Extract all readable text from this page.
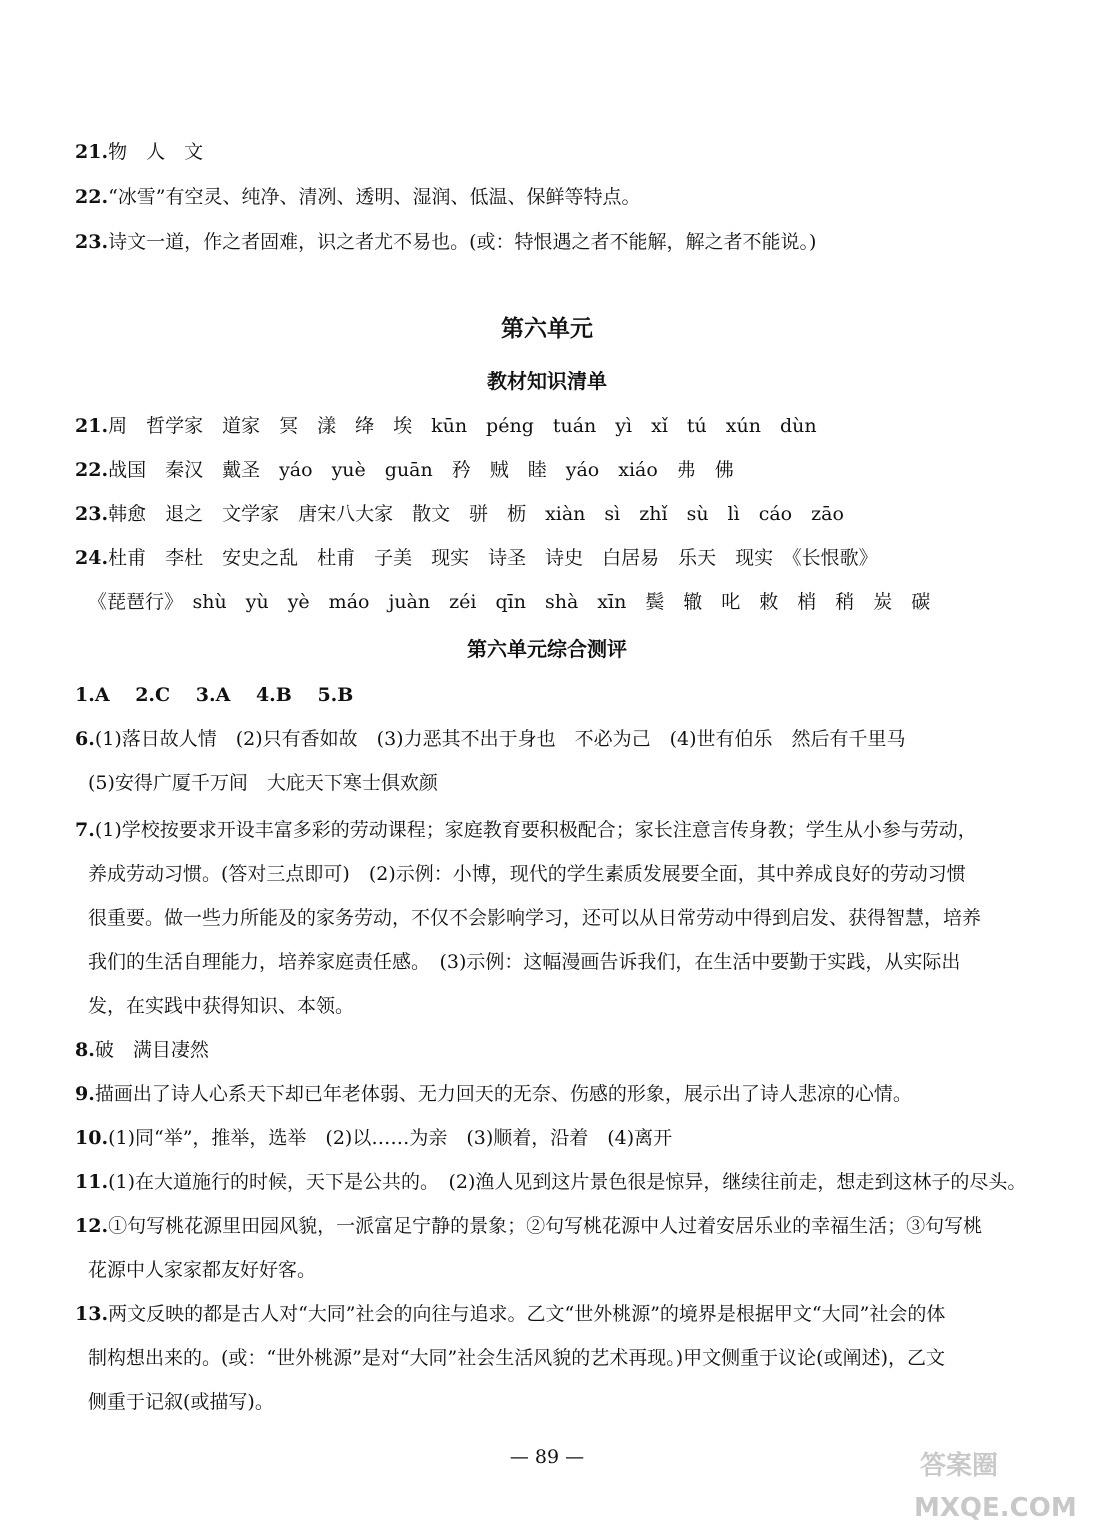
21.物　人　文
22.“冰雪”有空灵、纯净、清冽、透明、湿润、低温、保鲜等特点。
23.诗文一道，作之者固难，识之者尤不易也。(或：特恨遇之者不能解，解之者不能说。)
第六单元
教材知识清单
21.周　哲学家　道家　冥　漾　绛　埃　kūn　péng　tuán　yì　xǐ　tú　xún　dùn
22.战国　秦汉　戴圣　yáo　yuè　guān　矜　贼　睦　yáo　xiáo　弗　佛
23.韩愈　退之　文学家　唐宋八大家　散文　骈　枥　xiàn　sì　zhǐ　sù　lì　cáo　zāo
24.杜甫　李杜　安史之乱　杜甫　子美　现实　诗圣　诗史　白居易　乐天　现实　《长恨歌》
《琵琶行》　shù　yù　yè　máo　juàn　zéi　qīn　shà　xīn　鬓　辙　叱　敕　梢　稍　炭　碳
第六单元综合测评
1.A　 2.C　 3.A　 4.B　 5.B
6.(1)落日故人情　(2)只有香如故　(3)力恶其不出于身也　不必为己　(4)世有伯乐　然后有千里马
(5)安得广厦千万间　大庇天下寒士俱欢颜
7.(1)学校按要求开设丰富多彩的劳动课程；家庭教育要积极配合；家长注意言传身教；学生从小参与劳动，
养成劳动习惯。(答对三点即可)　(2)示例：小博，现代的学生素质发展要全面，其中养成良好的劳动习惯
很重要。做一些力所能及的家务劳动，不仅不会影响学习，还可以从日常劳动中得到启发、获得智慧，培养
我们的生活自理能力，培养家庭责任感。　(3)示例：这幅漫画告诉我们，在生活中要勤于实践，从实际出
发，在实践中获得知识、本领。
8.破　满目凄然
9.描画出了诗人心系天下却已年老体弱、无力回天的无奈、伤感的形象，展示出了诗人悲凉的心情。
10.(1)同“举”，推举，选举　(2)以……为亲　(3)顺着，沿着　(4)离开
11.(1)在大道施行的时候，天下是公共的。　(2)渔人见到这片景色很是惊异，继续往前走，想走到这林子的尽头。
12.①句写桃花源里田园风貌，一派富足宁静的景象；②句写桃花源中人过着安居乐业的幸福生活；③句写桃
花源中人家家都友好好客。
13.两文反映的都是古人对“大同”社会的向往与追求。乙文“世外桃源”的境界是根据甲文“大同”社会的体
制构想出来的。(或：“世外桃源”是对“大同”社会生活风貌的艺术再现。)甲文侧重于议论(或阐述)，乙文
侧重于记叙(或描写)。
— 89 —	答案圈
MXQE.COM
